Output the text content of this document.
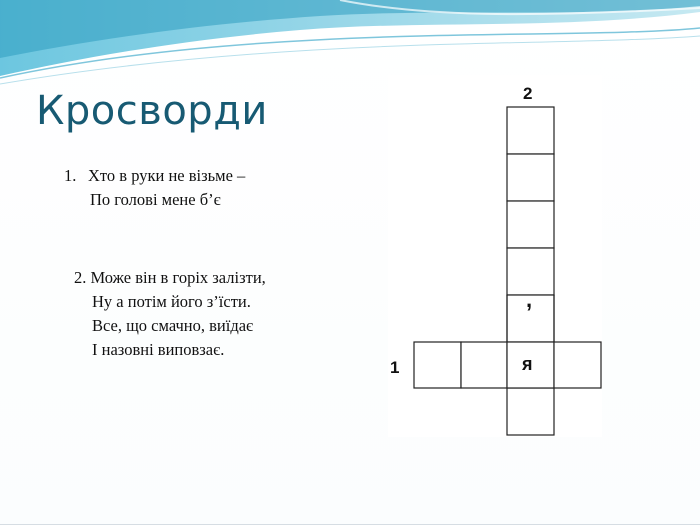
Кросворди
1. Хто в руки не візьме –
По голові мене б’є
2. Може він в горіх залізти,
Ну а потім його з’їсти.
Все, що смачно, виїдає
І назовні виповзає.
2
1
,
я
